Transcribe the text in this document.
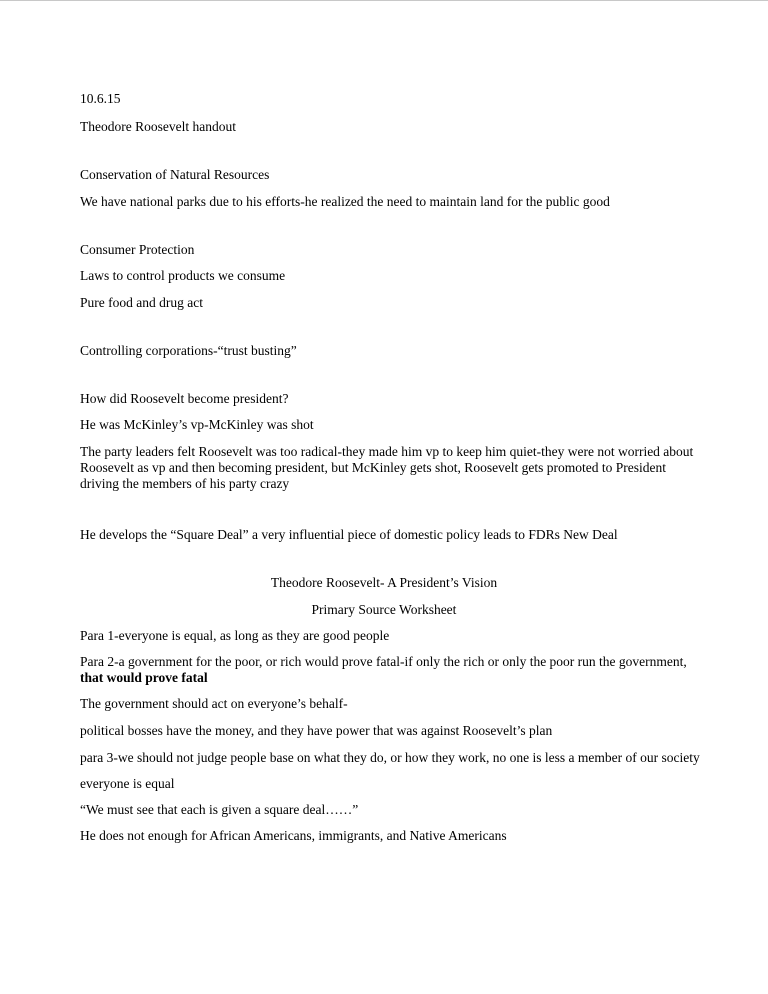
10.6.15
Theodore Roosevelt handout
Conservation of Natural Resources
We have national parks due to his efforts-he realized the need to maintain land for the public good
Consumer Protection
Laws to control products we consume
Pure food and drug act
Controlling corporations-“trust busting”
How did Roosevelt become president?
He was McKinley’s vp-McKinley was shot
The party leaders felt Roosevelt was too radical-they made him vp to keep him quiet-they were not worried about Roosevelt as vp and then becoming president, but McKinley gets shot, Roosevelt gets promoted to President driving the members of his party crazy
He develops the “Square Deal” a very influential piece of domestic policy leads to FDRs New Deal
Theodore Roosevelt- A President’s Vision
Primary Source Worksheet
Para 1-everyone is equal, as long as they are good people
Para 2-a government for the poor, or rich would prove fatal-if only the rich or only the poor run the government,
that would prove fatal
The government should act on everyone’s behalf-
political bosses have the money, and they have power that was against Roosevelt’s plan
para 3-we should not judge people base on what they do, or how they work, no one is less a member of our society
everyone is equal
“We must see that each is given a square deal……”
He does not enough for African Americans, immigrants, and Native Americans
